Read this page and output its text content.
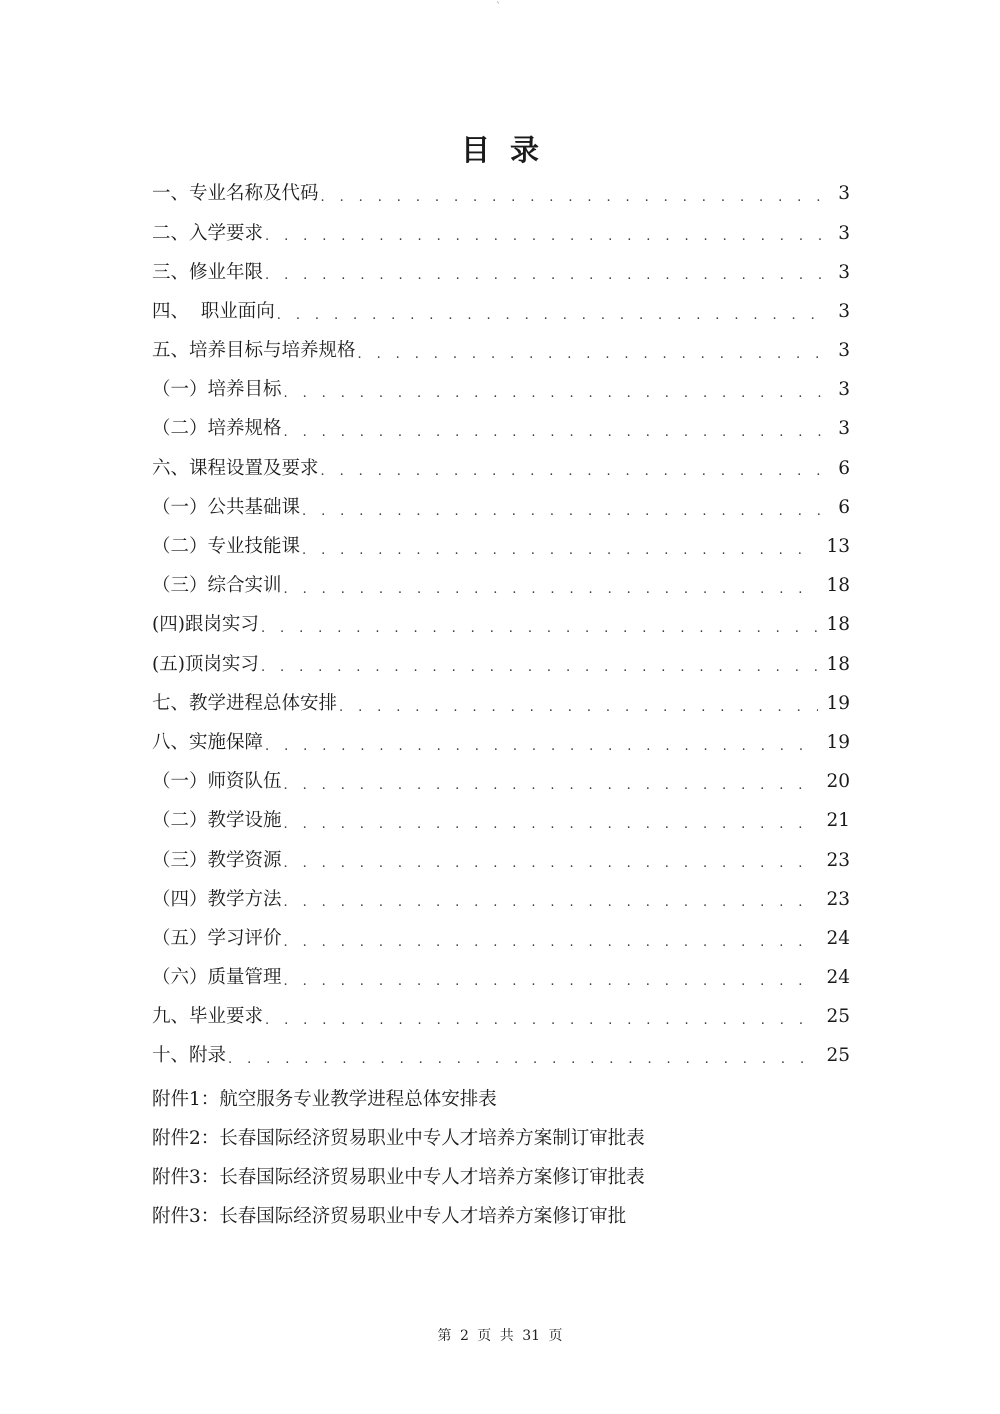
`
目录
一、专业名称及代码 . . .	3
二、入学要求 . . .	3
三、修业年限 . . .	3
四、  职业面向 . . .	3
五、培养目标与培养规格 . . .	3
（一）培养目标 . . .	3
（二）培养规格 . . .	3
六、课程设置及要求 . . .	6
（一）公共基础课 . . .	6
（二）专业技能课 . . .	13
（三）综合实训 . . .	18
(四)跟岗实习 . . .	18
(五)顶岗实习 . . .	18
七、教学进程总体安排 . . .	19
八、实施保障 . . .	19
（一）师资队伍 . . .	20
（二）教学设施 . . .	21
（三）教学资源 . . .	23
（四）教学方法 . . .	23
（五）学习评价 . . .	24
（六）质量管理 . . .	24
九、毕业要求 . . .	25
十、附录 . . .	25
附件1：航空服务专业教学进程总体安排表
附件2：长春国际经济贸易职业中专人才培养方案制订审批表
附件3：长春国际经济贸易职业中专人才培养方案修订审批表
附件3：长春国际经济贸易职业中专人才培养方案修订审批
第 2 页 共 31 页
